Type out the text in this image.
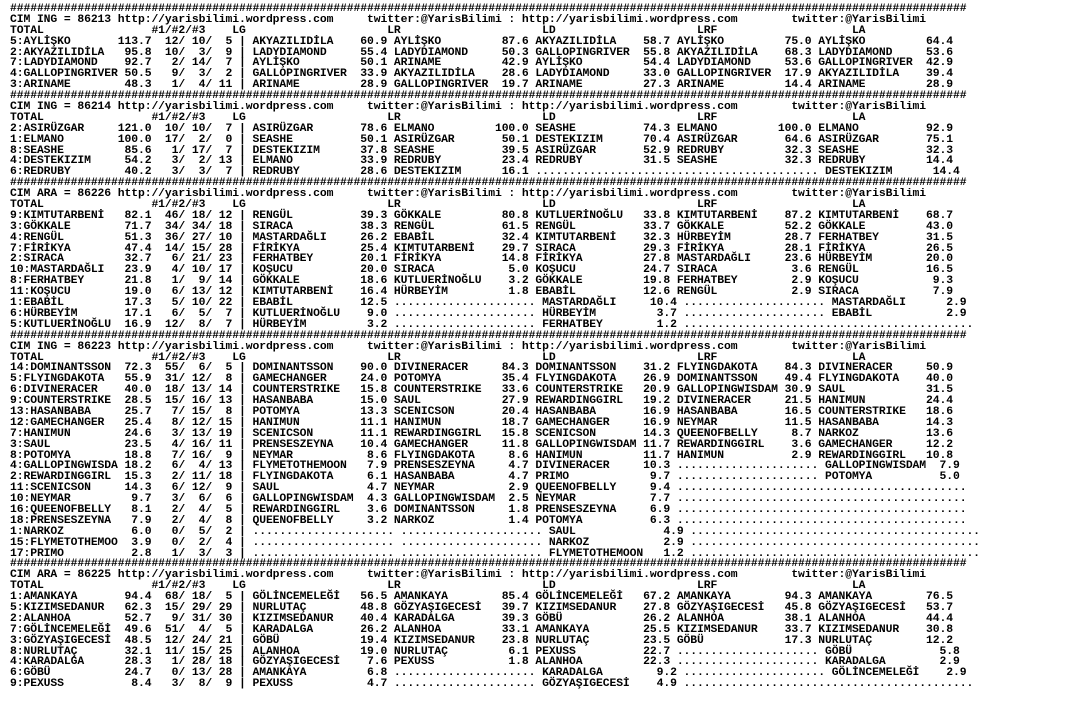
##############################################################################################################################################
CIM ING = 86213 http://yarisbilimi.wordpress.com     twitter:@YarisBilimi : http://yarisbilimi.wordpress.com        twitter:@YarisBilimi
TOTAL                #1/#2/#3    LG                     LR                     LD                     LRF                    LA
5:AYLİŞKO       113.7  12/ 10/  5 | AKYAZILIDİLA    60.9 AYLİŞKO         87.6 AKYAZILIDİLA    58.7 AYLİŞKO         75.0 AYLİŞKO         64.4
2:AKYAZILIDİLA   95.8  10/  3/  9 | LADYDIAMOND     55.4 LADYDIAMOND     50.3 GALLOPINGRIVER  55.8 AKYAZILIDİLA    68.3 LADYDIAMOND     53.6
7:LADYDIAMOND    92.7   2/ 14/  7 | AYLİŞKO         50.1 ARINAME         42.9 AYLİŞKO         54.4 LADYDIAMOND     53.6 GALLOPINGRIVER  42.9
4:GALLOPINGRIVER 50.5   9/  3/  2 | GALLOPINGRIVER  33.9 AKYAZILIDİLA    28.6 LADYDIAMOND     33.0 GALLOPINGRIVER  17.9 AKYAZILIDİLA    39.4
3:ARINAME        48.3   1/  4/ 11 | ARINAME         28.9 GALLOPINGRIVER  19.7 ARINAME         27.3 ARINAME         14.4 ARINAME         28.9
##############################################################################################################################################
CIM ING = 86214 http://yarisbilimi.wordpress.com     twitter:@YarisBilimi : http://yarisbilimi.wordpress.com        twitter:@YarisBilimi
TOTAL                #1/#2/#3    LG                     LR                     LD                     LRF                    LA
2:ASIRÜZGAR     121.0  10/ 10/  7 | ASIRÜZGAR       78.6 ELMANO         100.0 SEASHE          74.3 ELMANO         100.0 ELMANO          92.9
1:ELMANO        100.0  17/  2/  0 | SEASHE          50.1 ASIRÜZGAR       50.1 DESTEKIZIM      70.4 ASIRÜZGAR       64.6 ASIRÜZGAR       75.1
8:SEASHE         85.6   1/ 17/  7 | DESTEKIZIM      37.8 SEASHE          39.5 ASIRÜZGAR       52.9 REDRUBY         32.3 SEASHE          32.3
4:DESTEKIZIM     54.2   3/  2/ 13 | ELMANO          33.9 REDRUBY         23.4 REDRUBY         31.5 SEASHE          32.3 REDRUBY         14.4
6:REDRUBY        40.2   3/  3/  7 | REDRUBY         28.6 DESTEKIZIM      16.1 .......................................... DESTEKIZIM      14.4
##############################################################################################################################################
CIM ARA = 86226 http://yarisbilimi.wordpress.com     twitter:@YarisBilimi : http://yarisbilimi.wordpress.com        twitter:@YarisBilimi
TOTAL                #1/#2/#3    LG                     LR                     LD                     LRF                    LA
9:KIMTUTARBENİ   82.1  46/ 18/ 12 | RENGÜL          39.3 GÖKKALE         80.8 KUTLUERİNOĞLU   33.8 KIMTUTARBENİ    87.2 KIMTUTARBENİ    68.7
3:GÖKKALE        71.7  34/ 34/ 18 | SIRACA          38.3 RENGÜL          61.5 RENGÜL          33.7 GÖKKALE         52.2 GÖKKALE         43.0
4:RENGÜL         51.3  36/ 27/ 10 | MASTARDAĞLI     26.2 EBABİL          32.4 KIMTUTARBENİ    32.3 HÜRBEYİM        28.7 FERHATBEY       31.5
7:FİRİKYA        47.4  14/ 15/ 28 | FİRİKYA         25.4 KIMTUTARBENİ    29.7 SIRACA          29.3 FİRİKYA         28.1 FİRİKYA         26.5
2:SIRACA         32.7   6/ 21/ 23 | FERHATBEY       20.1 FİRİKYA         14.8 FİRİKYA         27.8 MASTARDAĞLI     23.6 HÜRBEYİM        20.0
10:MASTARDAĞLI   23.9   4/ 10/ 17 | KOŞUCU          20.0 SIRACA           5.0 KOŞUCU          24.7 SIRACA           3.6 RENGÜL          16.5
8:FERHATBEY      21.8   1/  9/ 14 | GÖKKALE         18.6 KUTLUERİNOĞLU    3.2 GÖKKALE         19.8 FERHATBEY        2.9 KOŞUCU           9.3
11:KOŞUCU        19.0   6/ 13/ 12 | KIMTUTARBENİ    16.4 HÜRBEYİM         1.8 EBABİL          12.6 RENGÜL           2.9 SIRACA           7.9
1:EBABİL         17.3   5/ 10/ 22 | EBABİL          12.5 ..................... MASTARDAĞLI     10.4 ..................... MASTARDAĞLI      2.9
6:HÜRBEYİM       17.1   6/  5/  7 | KUTLUERİNOĞLU    9.0 ..................... HÜRBEYİM         3.7 ..................... EBABİL           2.9
5:KUTLUERİNOĞLU  16.9  12/  8/  7 | HÜRBEYİM         3.2 ..................... FERHATBEY        1.2 ...........................................
##############################################################################################################################################
CIM ING = 86223 http://yarisbilimi.wordpress.com     twitter:@YarisBilimi : http://yarisbilimi.wordpress.com        twitter:@YarisBilimi
TOTAL                #1/#2/#3    LG                     LR                     LD                     LRF                    LA
14:DOMINANTSSON  72.3  55/  6/  5 | DOMINANTSSON    90.0 DIVINERACER     84.3 DOMINANTSSON    31.2 FLYINGDAKOTA    84.3 DIVINERACER     50.9
5:FLYINGDAKOTA   55.9  31/ 12/  8 | GAMECHANGER     24.0 POTOMYA         35.4 FLYINGDAKOTA    26.9 DOMINANTSSON    49.4 FLYINGDAKOTA    40.0
6:DIVINERACER    40.0  18/ 13/ 14 | COUNTERSTRIKE   15.8 COUNTERSTRIKE   33.6 COUNTERSTRIKE   20.9 GALLOPINGWISDAM 30.9 SAUL            31.5
9:COUNTERSTRIKE  28.5  15/ 16/ 13 | HASANBABA       15.0 SAUL            27.9 REWARDINGGIRL   19.2 DIVINERACER     21.5 HANIMUN         24.4
13:HASANBABA     25.7   7/ 15/  8 | POTOMYA         13.3 SCENICSON       20.4 HASANBABA       16.9 HASANBABA       16.5 COUNTERSTRIKE   18.6
12:GAMECHANGER   25.4   8/ 12/ 15 | HANIMUN         11.1 HANIMUN         18.7 GAMECHANGER     16.9 NEYMAR          11.5 HASANBABA       14.3
7:HANIMUN        24.6   3/ 13/ 19 | SCENICSON       11.1 REWARDINGGIRL   15.8 SCENICSON       14.3 QUEENOFBELLY     8.7 NARKOZ          13.6
3:SAUL           23.5   4/ 16/ 11 | PRENSESZEYNA    10.4 GAMECHANGER     11.8 GALLOPINGWISDAM 11.7 REWARDINGGIRL    3.6 GAMECHANGER     12.2
8:POTOMYA        18.8   7/ 16/  9 | NEYMAR           8.6 FLYINGDAKOTA     8.6 HANIMUN         11.7 HANIMUN          2.9 REWARDINGGIRL   10.8
4:GALLOPINGWISDA 18.2   6/  4/ 13 | FLYMETOTHEMOON   7.9 PRENSESZEYNA     4.7 DIVINERACER     10.3 ..................... GALLOPINGWISDAM  7.9
2:REWARDINGGIRL  15.3   2/ 11/ 18 | FLYINGDAKOTA     6.1 HASANBABA        4.7 PRIMO            9.7 ..................... POTOMYA          5.0
11:SCENICSON     14.3   6/ 12/  9 | SAUL             4.7 NEYMAR           2.9 QUEENOFBELLY     9.4 ...........................................
10:NEYMAR         9.7   3/  6/  6 | GALLOPINGWISDAM  4.3 GALLOPINGWISDAM  2.5 NEYMAR           7.7 ...........................................
16:QUEENOFBELLY   8.1   2/  4/  5 | REWARDINGGIRL    3.6 DOMINANTSSON     1.8 PRENSESZEYNA     6.9 ...........................................
18:PRENSESZEYNA   7.9   2/  4/  8 | QUEENOFBELLY     3.2 NARKOZ           1.4 POTOMYA          6.3 ...........................................
1:NARKOZ          6.0   0/  5/  2 | ..................... ..................... SAUL             4.9 ...........................................
15:FLYMETOTHEMOO  3.9   0/  2/  4 | ..................... ..................... NARKOZ           2.9 ...........................................
17:PRIMO          2.8   1/  3/  3 | ..................... ..................... FLYMETOTHEMOON   1.2 ...........................................
##############################################################################################################################################
CIM ARA = 86225 http://yarisbilimi.wordpress.com     twitter:@YarisBilimi : http://yarisbilimi.wordpress.com        twitter:@YarisBilimi
TOTAL                #1/#2/#3    LG                     LR                     LD                     LRF                    LA
1:AMANKAYA       94.4  68/ 18/  5 | GÖLİNCEMELEĞİ   56.5 AMANKAYA        85.4 GÖLİNCEMELEĞİ   67.2 AMANKAYA        94.3 AMANKAYA        76.5
5:KIZIMSEDANUR   62.3  15/ 29/ 29 | NURLUTAÇ        48.8 GÖZYAŞIGECESİ   39.7 KIZIMSEDANUR    27.8 GÖZYAŞIGECESİ   45.8 GÖZYAŞIGECESİ   53.7
2:ALANHOA        52.7   9/ 31/ 30 | KIZIMSEDANUR    40.4 KARADALGA       39.3 GÖBÜ            26.2 ALANHOA         38.1 ALANHOA         44.4
7:GÖLİNCEMELEĞİ  49.6  51/  4/  5 | KARADALGA       26.2 ALANHOA         33.1 AMANKAYA        25.5 KIZIMSEDANUR    33.7 KIZIMSEDANUR    30.8
3:GÖZYAŞIGECESİ  48.5  12/ 24/ 21 | GÖBÜ            19.4 KIZIMSEDANUR    23.8 NURLUTAÇ        23.5 GÖBÜ            17.3 NURLUTAÇ        12.2
8:NURLUTAÇ       32.1  11/ 15/ 25 | ALANHOA         19.0 NURLUTAÇ         6.1 PEXUSS          22.7 ..................... GÖBÜ             5.8
4:KARADALGA      28.3   1/ 28/ 18 | GÖZYAŞIGECESİ    7.6 PEXUSS           1.8 ALANHOA         22.3 ..................... KARADALGA        2.9
6:GÖBÜ           24.7   0/ 13/ 28 | AMANKAYA         6.8 ..................... KARADALGA        9.2 ..................... GÖLİNCEMELEĞİ    2.9
9:PEXUSS          8.4   3/  8/  9 | PEXUSS           4.7 ..................... GÖZYAŞIGECESİ    4.9 ...........................................
